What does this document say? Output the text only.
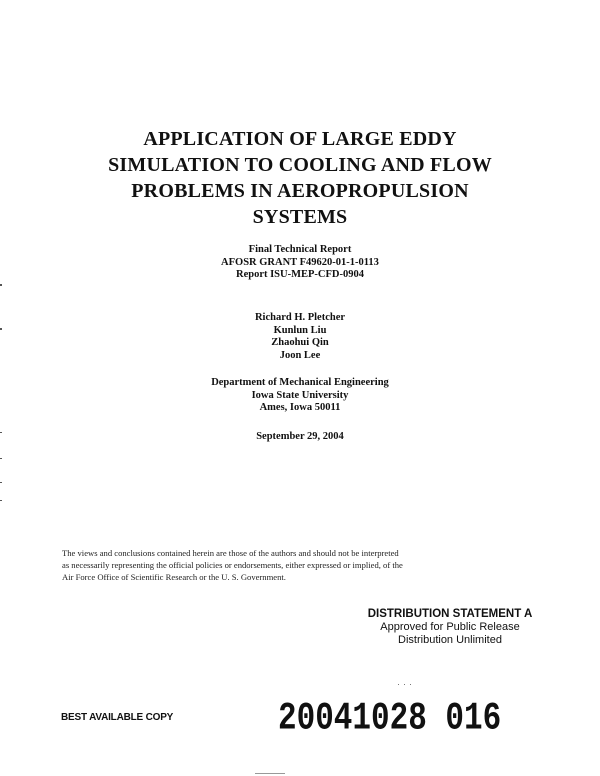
APPLICATION OF LARGE EDDY
SIMULATION TO COOLING AND FLOW
PROBLEMS IN AEROPROPULSION
SYSTEMS
Final Technical Report
AFOSR GRANT F49620-01-1-0113
Report ISU-MEP-CFD-0904
Richard H. Pletcher
Kunlun Liu
Zhaohui Qin
Joon Lee
Department of Mechanical Engineering
Iowa State University
Ames, Iowa 50011
September 29, 2004
The views and conclusions contained herein are those of the authors and should not be interpreted
as necessarily representing the official policies or endorsements, either expressed or implied, of the
Air Force Office of Scientific Research or the U. S. Government.
DISTRIBUTION STATEMENT A
Approved for Public Release
Distribution Unlimited
BEST AVAILABLE COPY	20041028 016
